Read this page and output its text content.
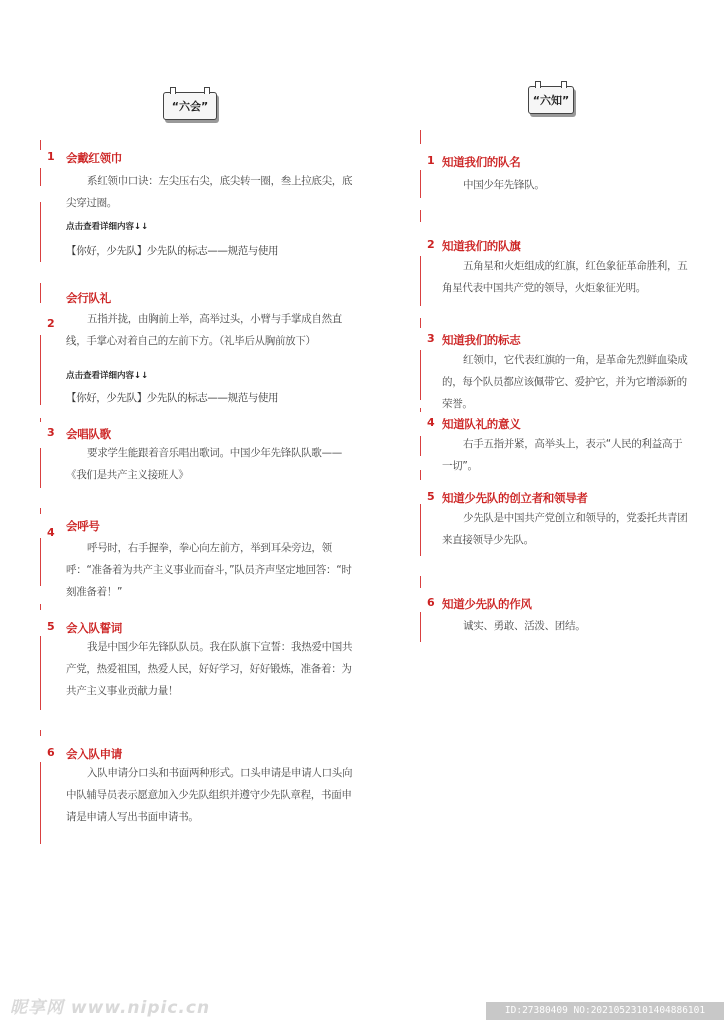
“六会”
1 会戴红领巾
系红领巾口诀：左尖压右尖，底尖转一圈，叁上拉底尖，底尖穿过圈。
点击查看详细内容↓↓
【你好，少先队】少先队的标志——规范与使用
2
会行队礼
五指并拢，由胸前上举，高举过头，小臂与手掌成自然直线，手掌心对着自己的左前下方。（礼毕后从胸前放下）
点击查看详细内容↓↓
【你好，少先队】少先队的标志——规范与使用
3 会唱队歌
要求学生能跟着音乐唱出歌词。中国少年先锋队队歌——《我们是共产主义接班人》
4 会呼号
呼号时，右手握拳，拳心向左前方，举到耳朵旁边，领呼：“准备着为共产主义事业而奋斗，”队员齐声坚定地回答：“时刻准备着！”
5 会入队誓词
我是中国少年先锋队队员。我在队旗下宣誓：我热爱中国共产党，热爱祖国，热爱人民，好好学习，好好锻炼，准备着：为共产主义事业贡献力量！
6 会入队申请
入队申请分口头和书面两种形式。口头申请是申请人口头向中队辅导员表示愿意加入少先队组织并遵守少先队章程，书面申请是申请人写出书面申请书。
“六知”
1 知道我们的队名
中国少年先锋队。
2 知道我们的队旗
五角星和火炬组成的红旗，红色象征革命胜利，五角星代表中国共产党的领导，火炬象征光明。
3 知道我们的标志
红领巾，它代表红旗的一角，是革命先烈鲜血染成的，每个队员都应该佩带它、爱护它，并为它增添新的荣誉。
4 知道队礼的意义
右手五指并紧，高举头上，表示“人民的利益高于一切”。
5 知道少先队的创立者和领导者
少先队是中国共产党创立和领导的，党委托共青团来直接领导少先队。
6 知道少先队的作风
诚实、勇敢、活泼、团结。
昵享网 www.nipic.cn	ID:27380409 NO:20210523101404886101
